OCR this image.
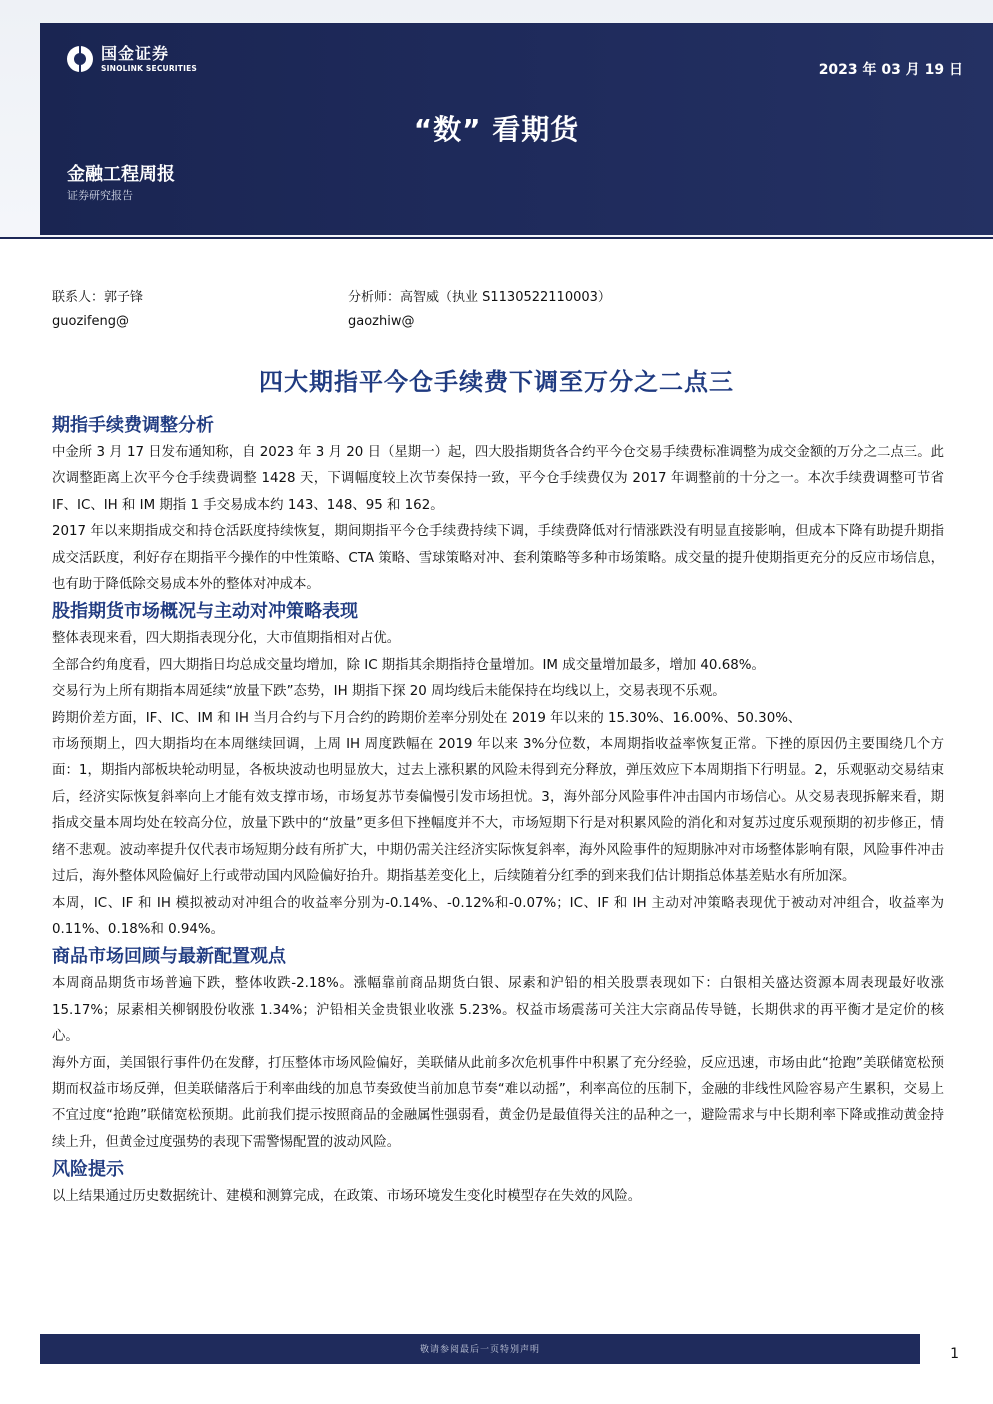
国金证券
SINOLINK SECURITIES	2023 年 03 月 19 日
“数” 看期货
金融工程周报
证券研究报告
联系人：郭子锋
guozifeng@
分析师：高智威（执业 S1130522110003）
gaozhiw@
四大期指平今仓手续费下调至万分之二点三
期指手续费调整分析

中金所 3 月 17 日发布通知称，自 2023 年 3 月 20 日（星期一）起，四大股指期货各合约平今仓交易手续费标准调整为成交金额的万分之二点三。此次调整距离上次平今仓手续费调整 1428 天，下调幅度较上次节奏保持一致，平今仓手续费仅为 2017 年调整前的十分之一。本次手续费调整可节省 IF、IC、IH 和 IM 期指 1 手交易成本约 143、148、95 和 162。

2017 年以来期指成交和持仓活跃度持续恢复，期间期指平今仓手续费持续下调，手续费降低对行情涨跌没有明显直接影响，但成本下降有助提升期指成交活跃度，利好存在期指平今操作的中性策略、CTA 策略、雪球策略对冲、套利策略等多种市场策略。成交量的提升使期指更充分的反应市场信息，也有助于降低除交易成本外的整体对冲成本。

股指期货市场概况与主动对冲策略表现

整体表现来看，四大期指表现分化，大市值期指相对占优。

全部合约角度看，四大期指日均总成交量均增加，除 IC 期指其余期指持仓量增加。IM 成交量增加最多，增加 40.68%。

交易行为上所有期指本周延续“放量下跌”态势，IH 期指下探 20 周均线后未能保持在均线以上，交易表现不乐观。

跨期价差方面，IF、IC、IM 和 IH 当月合约与下月合约的跨期价差率分别处在 2019 年以来的 15.30%、16.00%、50.30%、

市场预期上，四大期指均在本周继续回调，上周 IH 周度跌幅在 2019 年以来 3%分位数，本周期指收益率恢复正常。下挫的原因仍主要围绕几个方面：1，期指内部板块轮动明显，各板块波动也明显放大，过去上涨积累的风险未得到充分释放，弹压效应下本周期指下行明显。2，乐观驱动交易结束后，经济实际恢复斜率向上才能有效支撑市场，市场复苏节奏偏慢引发市场担忧。3，海外部分风险事件冲击国内市场信心。从交易表现拆解来看，期指成交量本周均处在较高分位，放量下跌中的“放量”更多但下挫幅度并不大，市场短期下行是对积累风险的消化和对复苏过度乐观预期的初步修正，情绪不悲观。波动率提升仅代表市场短期分歧有所扩大，中期仍需关注经济实际恢复斜率，海外风险事件的短期脉冲对市场整体影响有限，风险事件冲击过后，海外整体风险偏好上行或带动国内风险偏好抬升。期指基差变化上，后续随着分红季的到来我们估计期指总体基差贴水有所加深。

本周，IC、IF 和 IH 模拟被动对冲组合的收益率分别为-0.14%、-0.12%和-0.07%；IC、IF 和 IH 主动对冲策略表现优于被动对冲组合，收益率为 0.11%、0.18%和 0.94%。

商品市场回顾与最新配置观点

本周商品期货市场普遍下跌，整体收跌-2.18%。涨幅靠前商品期货白银、尿素和沪铅的相关股票表现如下：白银相关盛达资源本周表现最好收涨 15.17%；尿素相关柳钢股份收涨 1.34%；沪铅相关金贵银业收涨 5.23%。权益市场震荡可关注大宗商品传导链，长期供求的再平衡才是定价的核心。

海外方面，美国银行事件仍在发酵，打压整体市场风险偏好，美联储从此前多次危机事件中积累了充分经验，反应迅速，市场由此“抢跑”美联储宽松预期而权益市场反弹，但美联储落后于利率曲线的加息节奏致使当前加息节奏“难以动摇”，利率高位的压制下，金融的非线性风险容易产生累积，交易上不宜过度“抢跑”联储宽松预期。此前我们提示按照商品的金融属性强弱看，黄金仍是最值得关注的品种之一，避险需求与中长期利率下降或推动黄金持续上升，但黄金过度强势的表现下需警惕配置的波动风险。

风险提示

以上结果通过历史数据统计、建模和测算完成，在政策、市场环境发生变化时模型存在失效的风险。

敬请参阅最后一页特别声明	1
